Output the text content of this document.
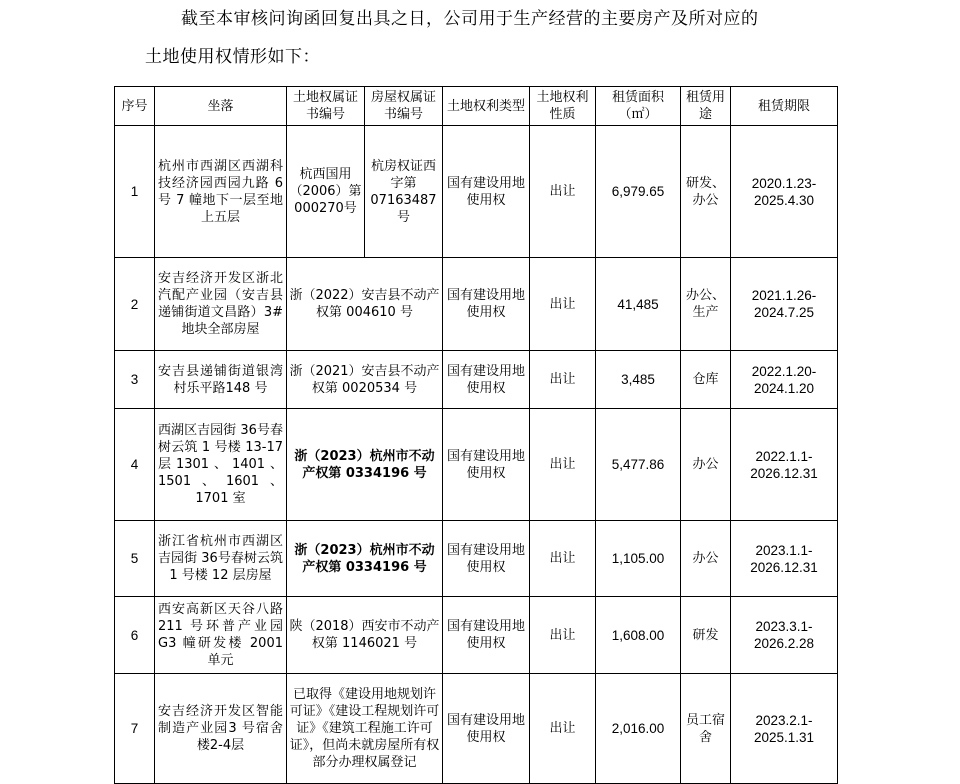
截至本审核问询函回复出具之日，公司用于生产经营的主要房产及所对应的
土地使用权情形如下：
序号	坐落	土地权属证书编号	房屋权属证书编号	土地权利类型	土地权利性质	租赁面积（㎡）	租赁用途	租赁期限
1	杭州市西湖区西湖科技经济园西园九路 6 号 7 幢地下一层至地上五层	杭西国用（2006）第000270号	杭房权证西字第07163487 号	国有建设用地使用权	出让	6,979.65	研发、办公	2020.1.23-2025.4.30
2	安吉经济开发区浙北汽配产业园（安吉县递铺街道文昌路）3#地块全部房屋	浙（2022）安吉县不动产权第 004610 号		国有建设用地使用权	出让	41,485	办公、生产	2021.1.26-2024.7.25
3	安吉县递铺街道银湾村乐平路148 号	浙（2021）安吉县不动产权第 0020534 号		国有建设用地使用权	出让	3,485	仓库	2022.1.20-2024.1.20
4	西湖区吉园街 36号春树云筑 1 号楼 13-17 层1301、1401、1501、1601、1701 室	浙（2023）杭州市不动产权第 0334196 号		国有建设用地使用权	出让	5,477.86	办公	2022.1.1-2026.12.31
5	浙江省杭州市西湖区吉园街 36号春树云筑 1 号楼 12 层房屋	浙（2023）杭州市不动产权第 0334196 号		国有建设用地使用权	出让	1,105.00	办公	2023.1.1-2026.12.31
6	西安高新区天谷八路 211 号环普产业园 G3 幢研发楼 2001 单元	陕（2018）西安市不动产权第 1146021 号		国有建设用地使用权	出让	1,608.00	研发	2023.3.1-2026.2.28
7	安吉经济开发区智能制造产业园3 号宿舍楼2-4层	已取得《建设用地规划许可证》《建设工程规划许可证》《建筑工程施工许可证》，但尚未就房屋所有权部分办理权属登记		国有建设用地使用权	出让	2,016.00	员工宿舍	2023.2.1-2025.1.31
